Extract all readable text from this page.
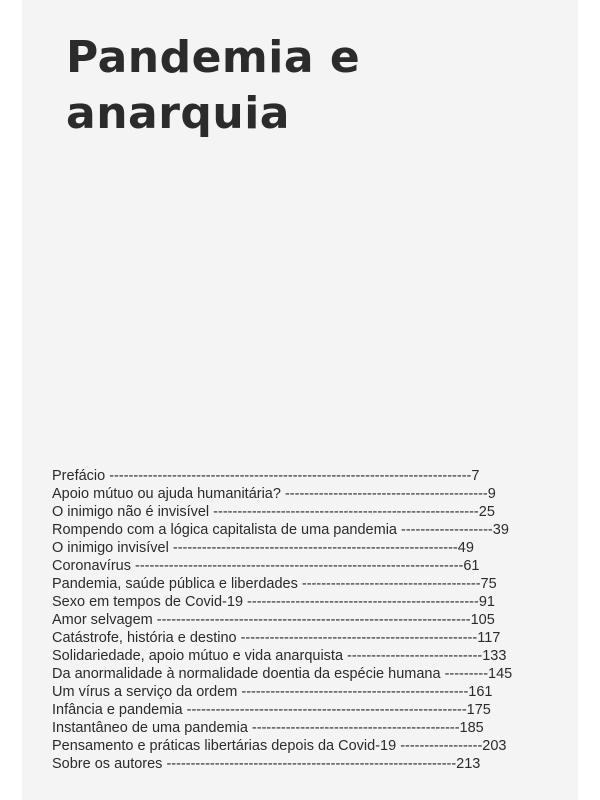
Pandemia e
anarquia
Prefácio ---------------------------------------------------------------------------7
Apoio mútuo ou ajuda humanitária? ------------------------------------------9
O inimigo não é invisível -------------------------------------------------------25
Rompendo com a lógica capitalista de uma pandemia -------------------39
O inimigo invisível -----------------------------------------------------------49
Coronavírus --------------------------------------------------------------------61
Pandemia, saúde pública e liberdades -------------------------------------75
Sexo em tempos de Covid-19 ------------------------------------------------91
Amor selvagem -----------------------------------------------------------------105
Catástrofe, história e destino -------------------------------------------------117
Solidariedade, apoio mútuo e vida anarquista ----------------------------133
Da anormalidade à normalidade doentia da espécie humana ---------145
Um vírus a serviço da ordem -----------------------------------------------161
Infância e pandemia ----------------------------------------------------------175
Instantâneo de uma pandemia -------------------------------------------185
Pensamento e práticas libertárias depois da Covid-19 -----------------203
Sobre os autores ------------------------------------------------------------213
